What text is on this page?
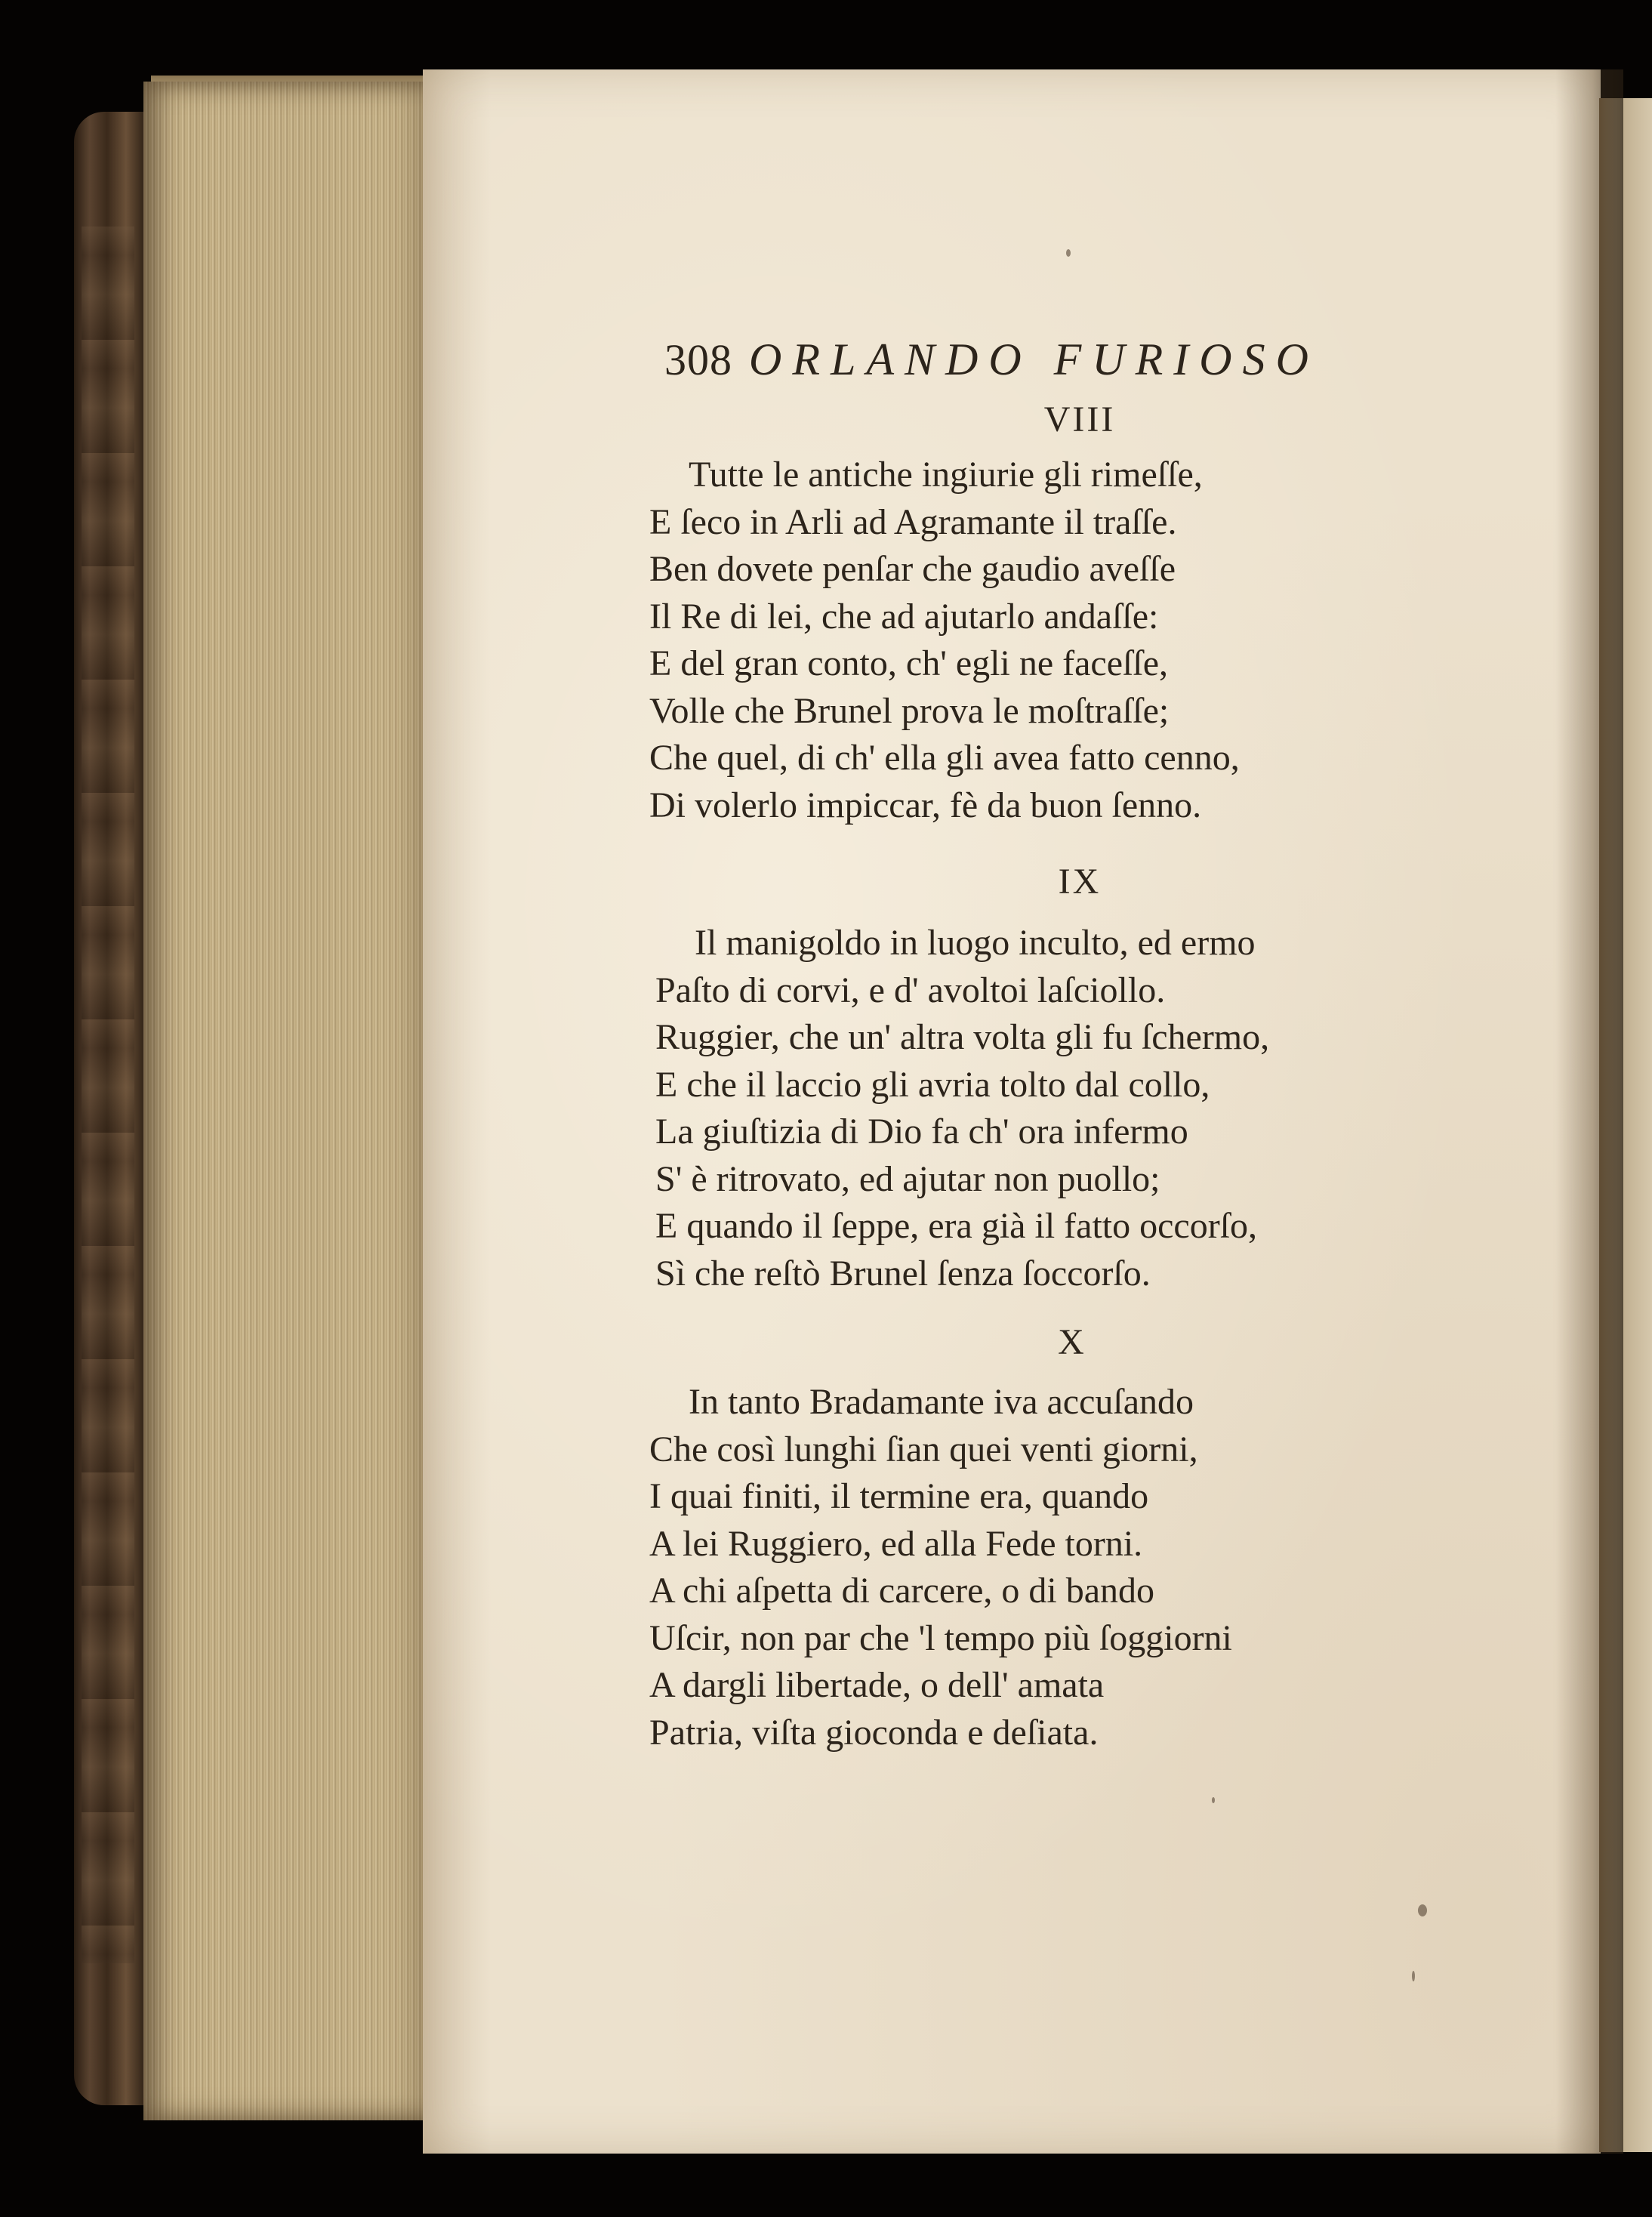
308 ORLANDO FURIOSO
VIII
Tutte le antiche ingiurie gli rimeſſe,
E ſeco in Arli ad Agramante il traſſe.
Ben dovete penſar che gaudio aveſſe
Il Re di lei, che ad ajutarlo andaſſe:
E del gran conto, ch' egli ne faceſſe,
Volle che Brunel prova le moſtraſſe;
Che quel, di ch' ella gli avea fatto cenno,
Di volerlo impiccar, fè da buon ſenno.
IX
Il manigoldo in luogo inculto, ed ermo
Paſto di corvi, e d' avoltoi laſciollo.
Ruggier, che un' altra volta gli fu ſchermo,
E che il laccio gli avria tolto dal collo,
La giuſtizia di Dio fa ch' ora infermo
S' è ritrovato, ed ajutar non puollo;
E quando il ſeppe, era già il fatto occorſo,
Sì che reſtò Brunel ſenza ſoccorſo.
X
In tanto Bradamante iva accuſando
Che così lunghi ſian quei venti giorni,
I quai finiti, il termine era, quando
A lei Ruggiero, ed alla Fede torni.
A chi aſpetta di carcere, o di bando
Uſcir, non par che 'l tempo più ſoggiorni
A dargli libertade, o dell' amata
Patria, viſta gioconda e deſiata.
